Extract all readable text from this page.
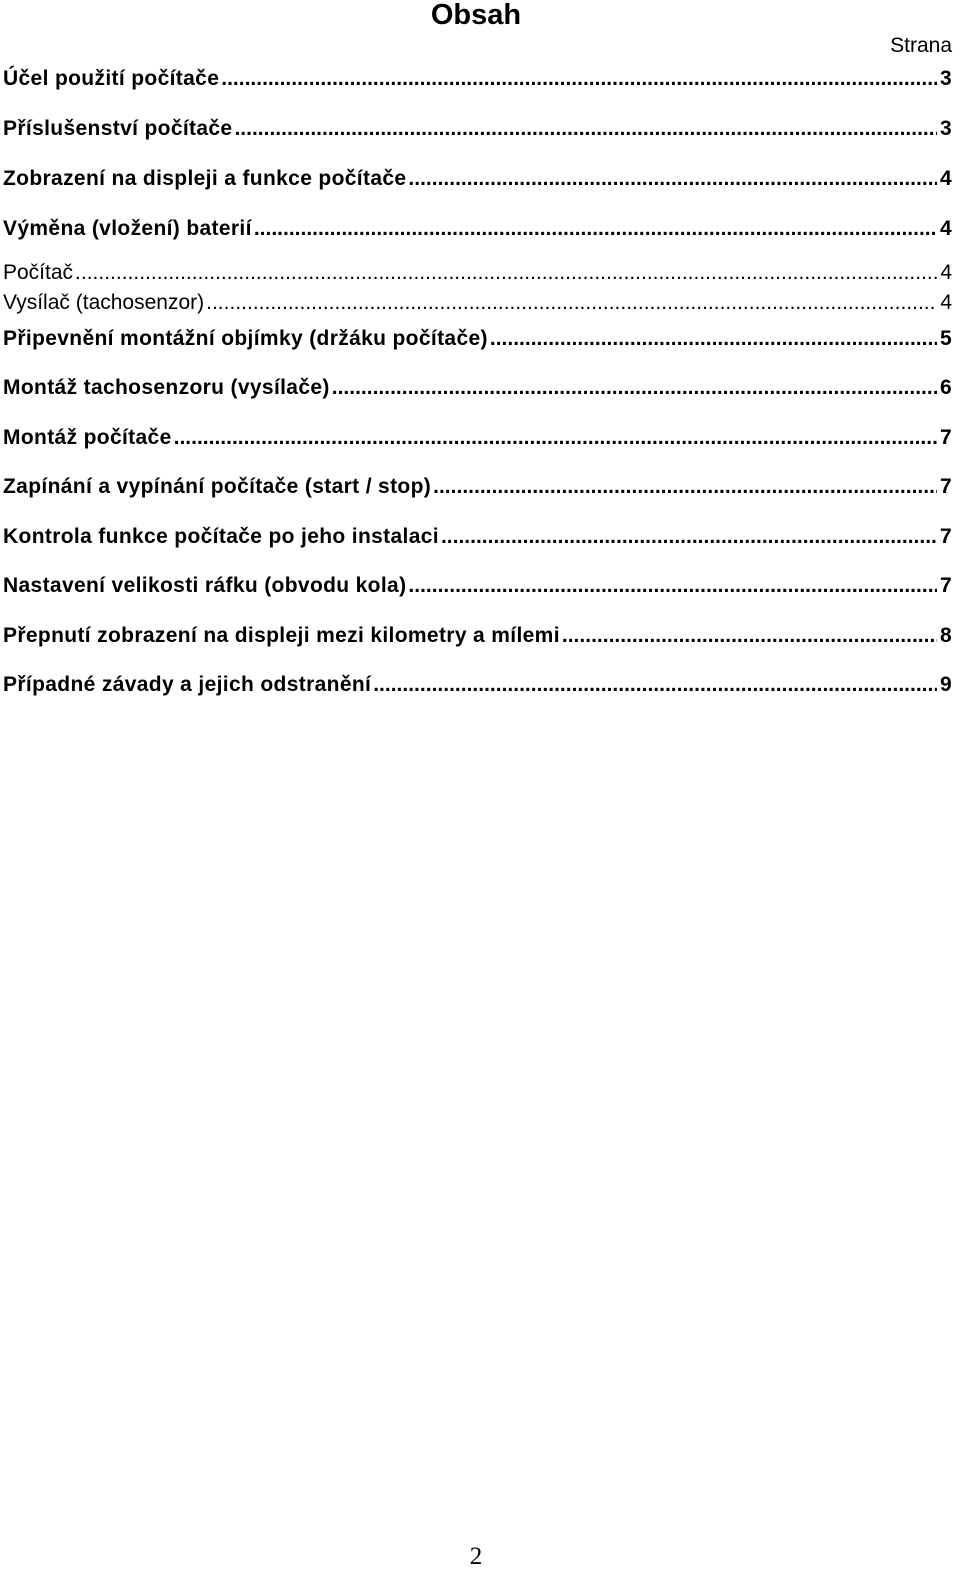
Obsah
Strana
Účel použití počítače .....	3
Příslušenství počítače .....	3
Zobrazení na displeji a funkce počítače .....	4
Výměna (vložení) baterií .....	4
Počítač .....	4
Vysílač (tachosenzor) .....	4
Připevnění montážní objímky (držáku počítače) .....	5
Montáž tachosenzoru (vysílače) .....	6
Montáž počítače .....	7
Zapínání a vypínání počítače (start / stop) .....	7
Kontrola funkce počítače po jeho instalaci .....	7
Nastavení velikosti ráfku (obvodu kola) .....	7
Přepnutí zobrazení na displeji mezi kilometry a mílemi .....	8
Případné závady a jejich odstranění .....	9
2
